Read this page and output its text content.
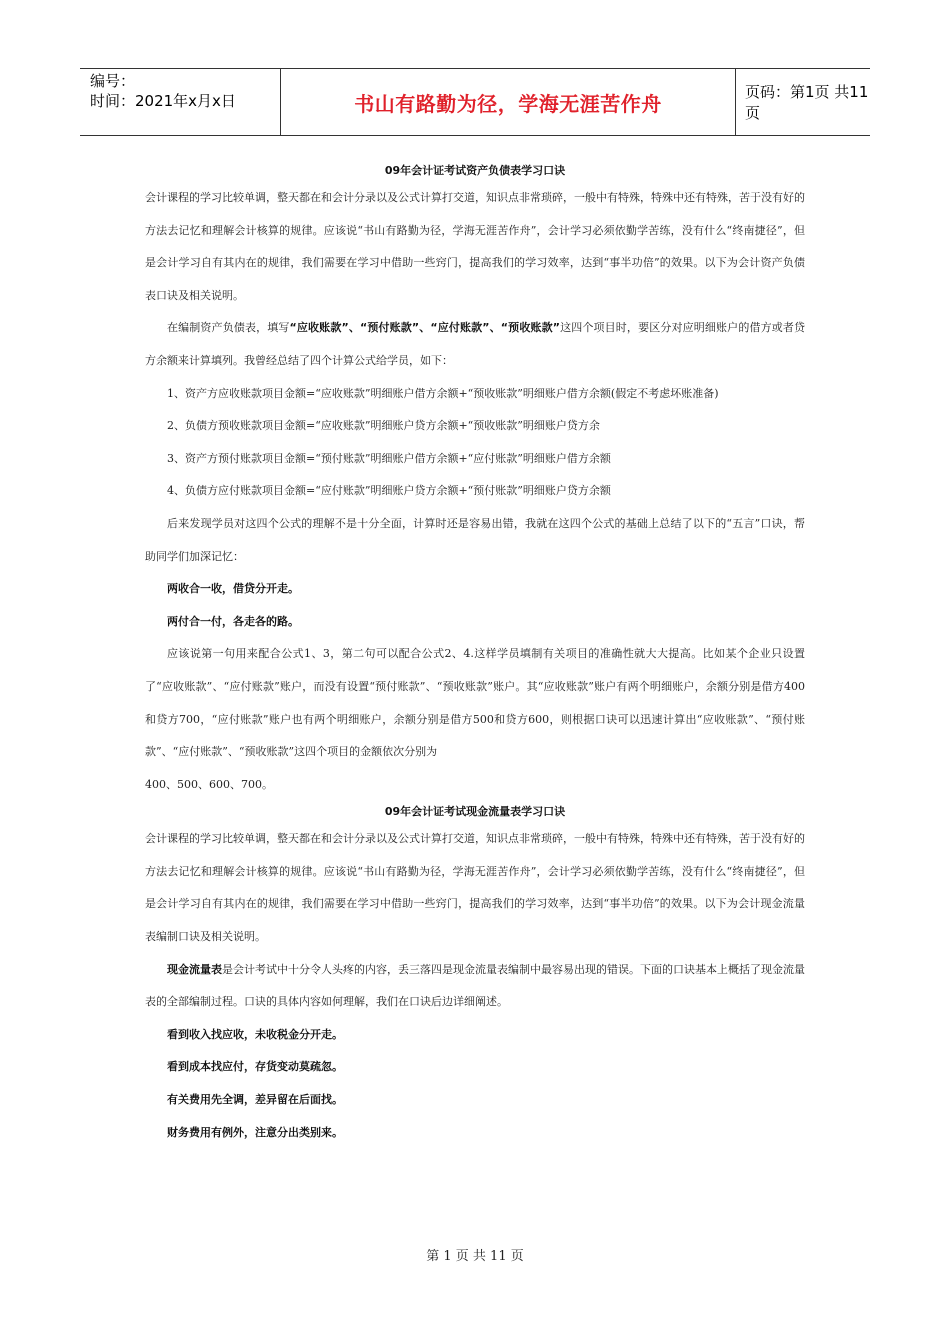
编号：
时间：2021年x月x日	书山有路勤为径，学海无涯苦作舟	页码：第1页 共11页
09年会计证考试资产负债表学习口诀

会计课程的学习比较单调，整天都在和会计分录以及公式计算打交道，知识点非常琐碎，一般中有特殊，特殊中还有特殊，苦于没有好的方法去记忆和理解会计核算的规律。应该说“书山有路勤为径，学海无涯苦作舟”，会计学习必须依勤学苦练，没有什么“终南捷径”，但是会计学习自有其内在的规律，我们需要在学习中借助一些窍门，提高我们的学习效率，达到“事半功倍”的效果。以下为会计资产负债表口诀及相关说明。

在编制资产负债表，填写“应收账款”、“预付账款”、“应付账款”、“预收账款”这四个项目时，要区分对应明细账户的借方或者贷方余额来计算填列。我曾经总结了四个计算公式给学员，如下：

1、资产方应收账款项目金额=“应收账款”明细账户借方余额+“预收账款”明细账户借方余额(假定不考虑坏账准备)

2、负债方预收账款项目金额=“应收账款”明细账户贷方余额+“预收账款”明细账户贷方余

3、资产方预付账款项目金额=“预付账款”明细账户借方余额+“应付账款”明细账户借方余额

4、负债方应付账款项目金额=“应付账款”明细账户贷方余额+“预付账款”明细账户贷方余额

后来发现学员对这四个公式的理解不是十分全面，计算时还是容易出错，我就在这四个公式的基础上总结了以下的“五言”口诀，帮助同学们加深记忆：

两收合一收，借贷分开走。

两付合一付，各走各的路。

应该说第一句用来配合公式1、3，第二句可以配合公式2、4.这样学员填制有关项目的准确性就大大提高。比如某个企业只设置了“应收账款”、“应付账款”账户，而没有设置“预付账款”、“预收账款”账户。其“应收账款”账户有两个明细账户，余额分别是借方400和贷方700，“应付账款”账户也有两个明细账户，余额分别是借方500和贷方600，则根据口诀可以迅速计算出“应收账款”、“预付账款”、“应付账款”、“预收账款”这四个项目的金额依次分别为

400、500、600、700。

09年会计证考试现金流量表学习口诀

会计课程的学习比较单调，整天都在和会计分录以及公式计算打交道，知识点非常琐碎，一般中有特殊，特殊中还有特殊，苦于没有好的方法去记忆和理解会计核算的规律。应该说“书山有路勤为径，学海无涯苦作舟”，会计学习必须依勤学苦练，没有什么“终南捷径”，但是会计学习自有其内在的规律，我们需要在学习中借助一些窍门，提高我们的学习效率，达到“事半功倍”的效果。以下为会计现金流量表编制口诀及相关说明。

现金流量表是会计考试中十分令人头疼的内容，丢三落四是现金流量表编制中最容易出现的错误。下面的口诀基本上概括了现金流量表的全部编制过程。口诀的具体内容如何理解，我们在口诀后边详细阐述。

看到收入找应收，未收税金分开走。

看到成本找应付，存货变动莫疏忽。

有关费用先全调，差异留在后面找。

财务费用有例外，注意分出类别来。

第 1 页 共 11 页
